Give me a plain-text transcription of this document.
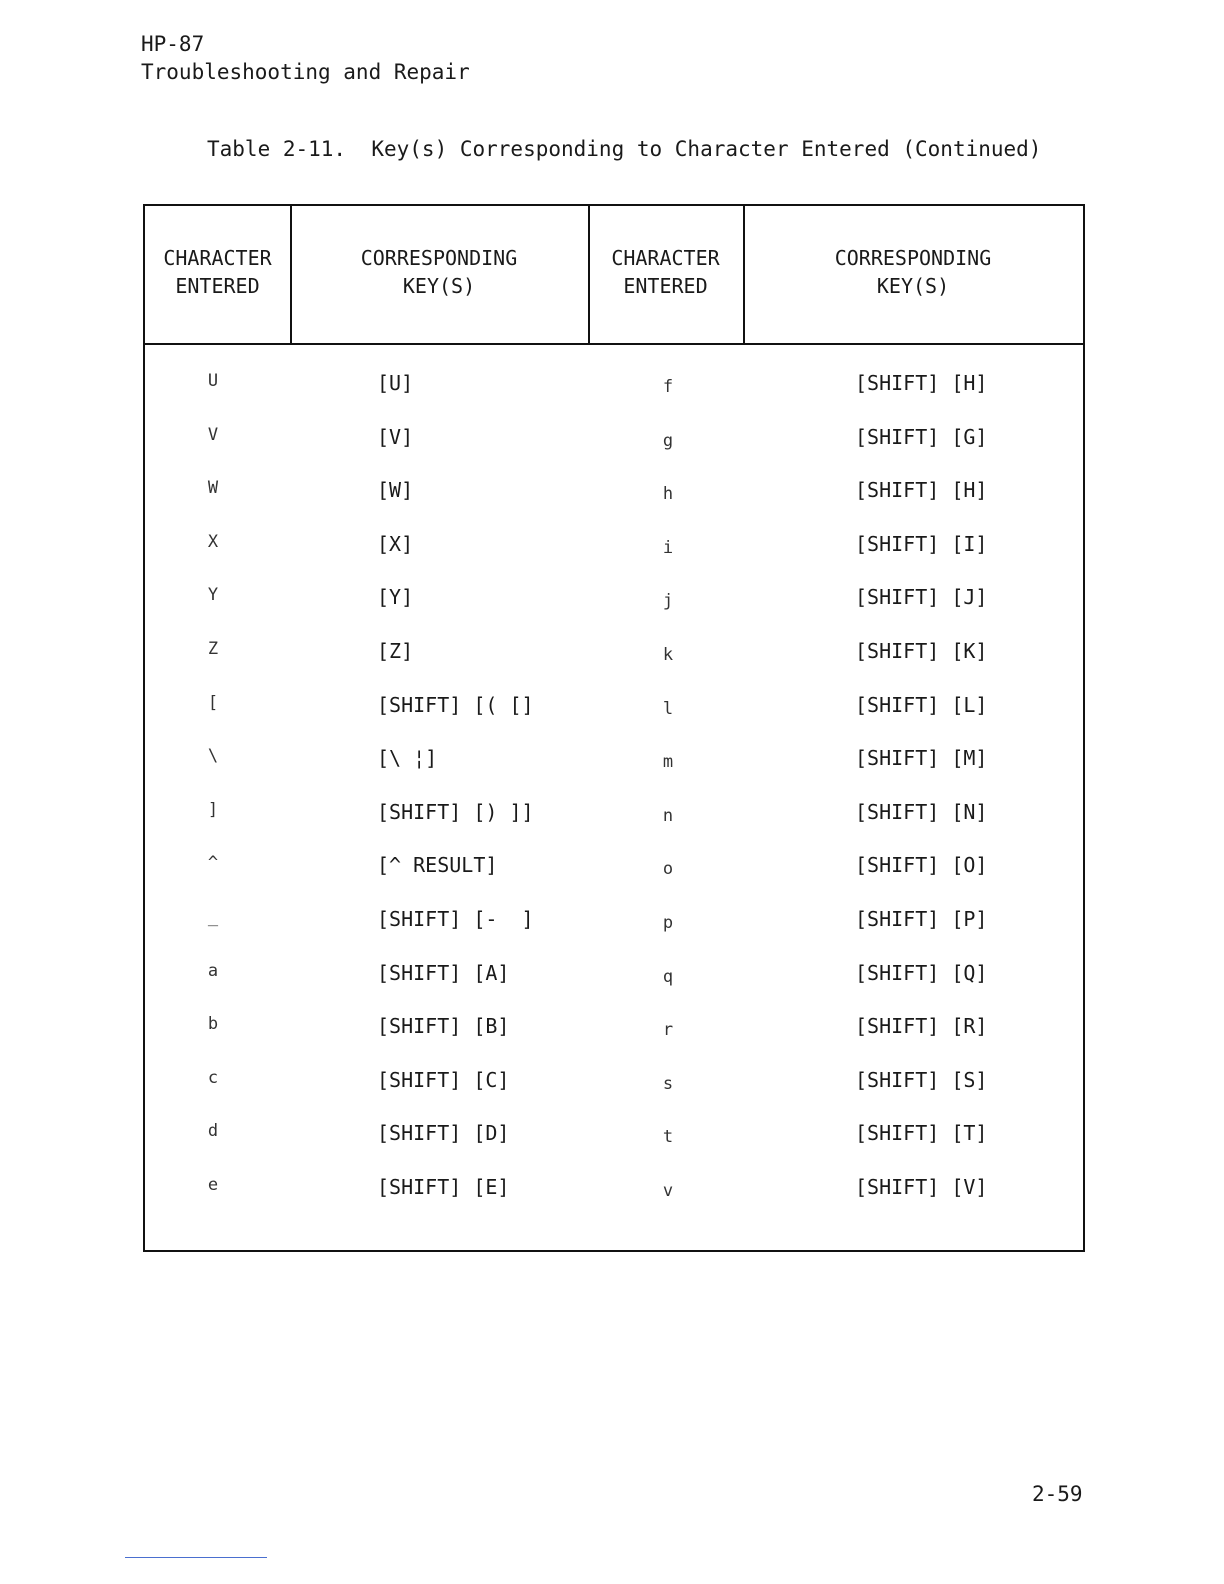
HP-87
Troubleshooting and Repair
Table 2-11.  Key(s) Corresponding to Character Entered (Continued)
CHARACTER
ENTERED
CORRESPONDING
KEY(S)
CHARACTER
ENTERED
CORRESPONDING
KEY(S)
U	[U]	f	[SHIFT] [H]
V	[V]	g	[SHIFT] [G]
W	[W]	h	[SHIFT] [H]
X	[X]	i	[SHIFT] [I]
Y	[Y]	j	[SHIFT] [J]
Z	[Z]	k	[SHIFT] [K]
[	[SHIFT] [( []	l	[SHIFT] [L]
\	[\ ¦]	m	[SHIFT] [M]
]	[SHIFT] [) ]]	n	[SHIFT] [N]
^	[^ RESULT]	o	[SHIFT] [O]
_	[SHIFT] [-  ]	p	[SHIFT] [P]
a	[SHIFT] [A]	q	[SHIFT] [Q]
b	[SHIFT] [B]	r	[SHIFT] [R]
c	[SHIFT] [C]	s	[SHIFT] [S]
d	[SHIFT] [D]	t	[SHIFT] [T]
e	[SHIFT] [E]	v	[SHIFT] [V]
2-59
